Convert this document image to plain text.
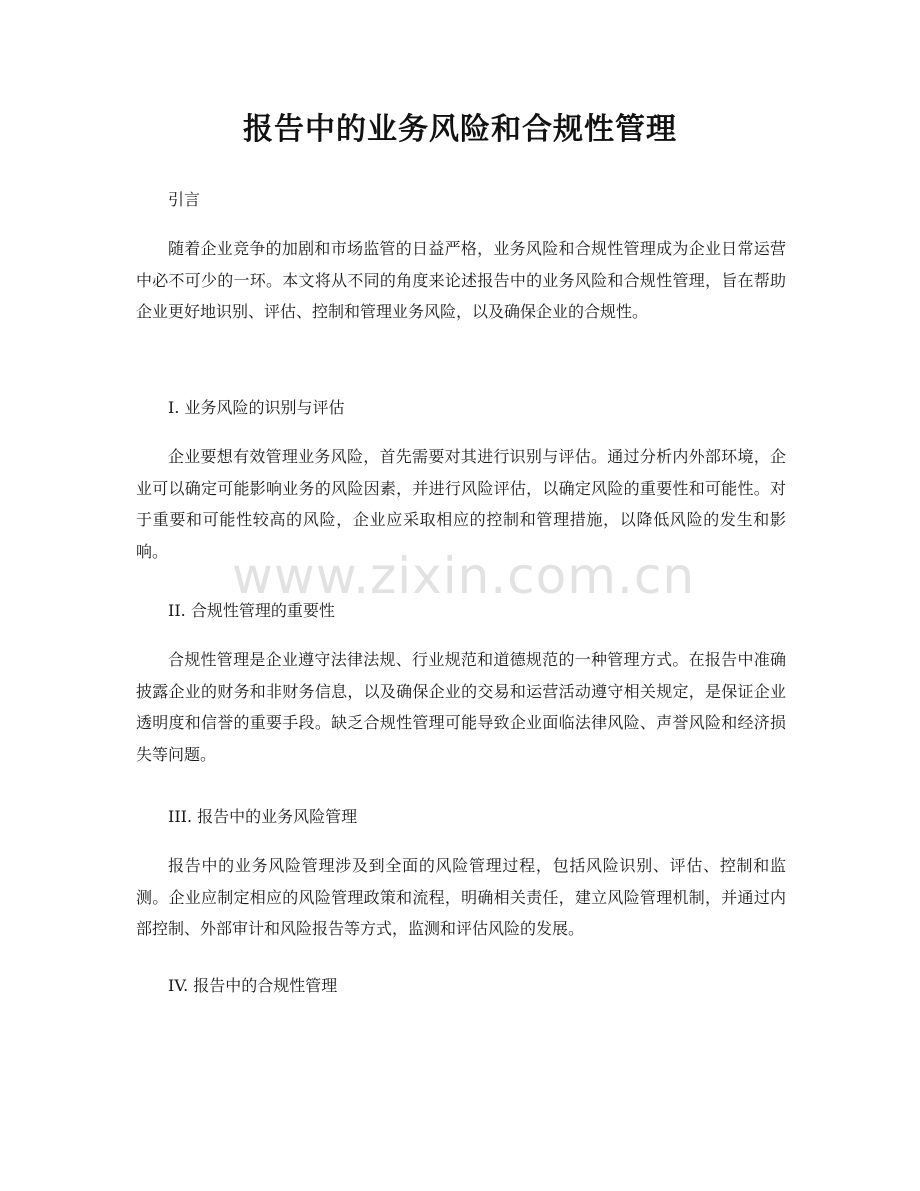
报告中的业务风险和合规性管理
引言
随着企业竞争的加剧和市场监管的日益严格，业务风险和合规性管理成为企业日常运营中必不可少的一环。本文将从不同的角度来论述报告中的业务风险和合规性管理，旨在帮助企业更好地识别、评估、控制和管理业务风险，以及确保企业的合规性。
I. 业务风险的识别与评估
企业要想有效管理业务风险，首先需要对其进行识别与评估。通过分析内外部环境，企业可以确定可能影响业务的风险因素，并进行风险评估，以确定风险的重要性和可能性。对于重要和可能性较高的风险，企业应采取相应的控制和管理措施，以降低风险的发生和影响。
II. 合规性管理的重要性
合规性管理是企业遵守法律法规、行业规范和道德规范的一种管理方式。在报告中准确披露企业的财务和非财务信息，以及确保企业的交易和运营活动遵守相关规定，是保证企业透明度和信誉的重要手段。缺乏合规性管理可能导致企业面临法律风险、声誉风险和经济损失等问题。
III. 报告中的业务风险管理
报告中的业务风险管理涉及到全面的风险管理过程，包括风险识别、评估、控制和监测。企业应制定相应的风险管理政策和流程，明确相关责任，建立风险管理机制，并通过内部控制、外部审计和风险报告等方式，监测和评估风险的发展。
IV. 报告中的合规性管理
www.zixin.com.cn
